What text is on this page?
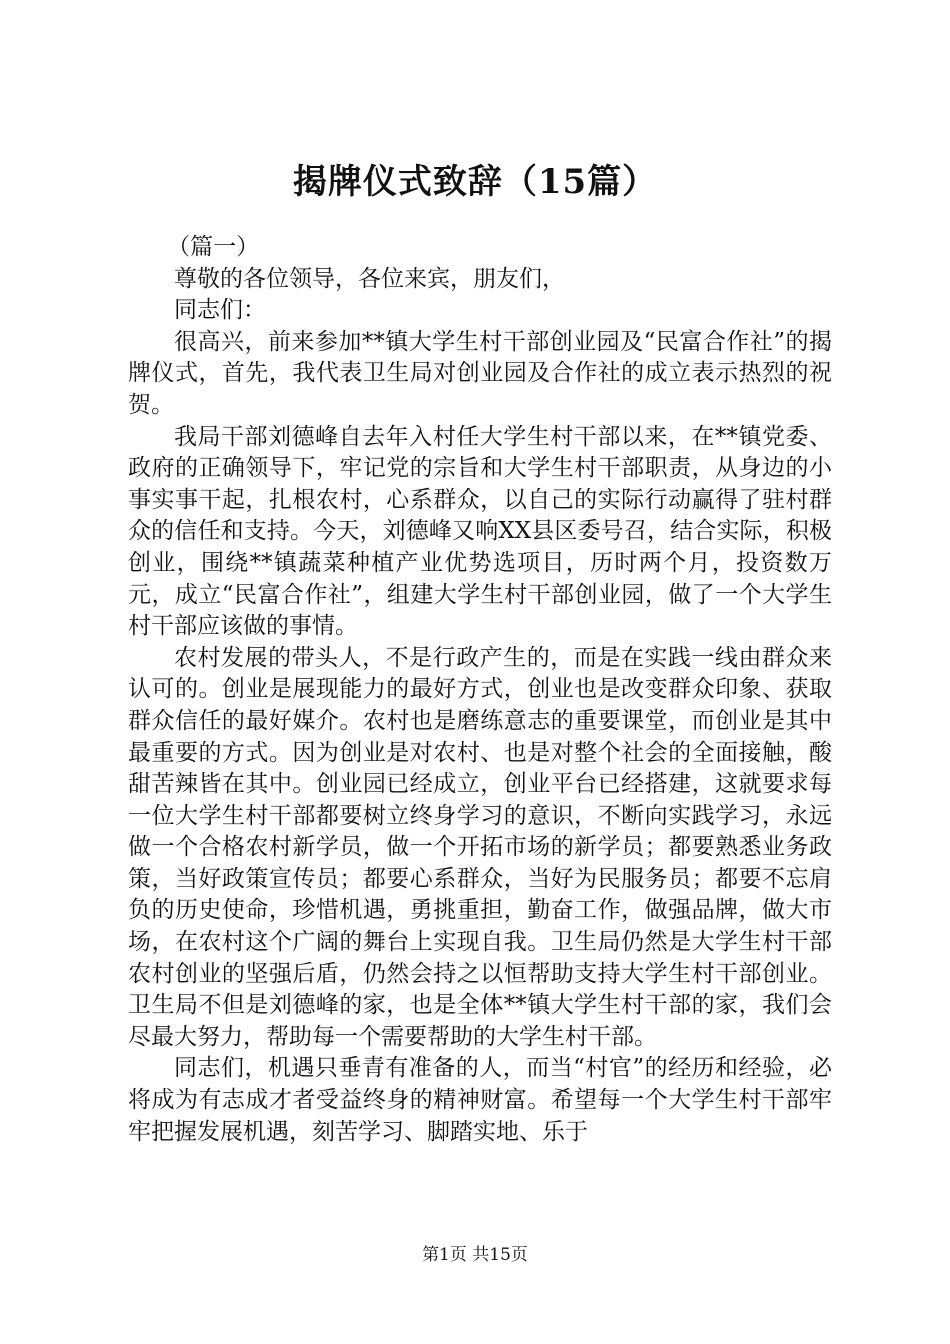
揭牌仪式致辞（15篇）

（篇一）

尊敬的各位领导，各位来宾，朋友们，

同志们：

很高兴，前来参加**镇大学生村干部创业园及“民富合作社”的揭牌仪式，首先，我代表卫生局对创业园及合作社的成立表示热烈的祝贺。

我局干部刘德峰自去年入村任大学生村干部以来，在**镇党委、政府的正确领导下，牢记党的宗旨和大学生村干部职责，从身边的小事实事干起，扎根农村，心系群众，以自己的实际行动赢得了驻村群众的信任和支持。今天，刘德峰又响XX县区委号召，结合实际，积极创业，围绕**镇蔬菜种植产业优势选项目，历时两个月，投资数万元，成立“民富合作社”，组建大学生村干部创业园，做了一个大学生村干部应该做的事情。

农村发展的带头人，不是行政产生的，而是在实践一线由群众来认可的。创业是展现能力的最好方式，创业也是改变群众印象、获取群众信任的最好媒介。农村也是磨练意志的重要课堂，而创业是其中最重要的方式。因为创业是对农村、也是对整个社会的全面接触，酸甜苦辣皆在其中。创业园已经成立，创业平台已经搭建，这就要求每一位大学生村干部都要树立终身学习的意识，不断向实践学习，永远做一个合格农村新学员，做一个开拓市场的新学员；都要熟悉业务政策，当好政策宣传员；都要心系群众，当好为民服务员；都要不忘肩负的历史使命，珍惜机遇，勇挑重担，勤奋工作，做强品牌，做大市场，在农村这个广阔的舞台上实现自我。卫生局仍然是大学生村干部农村创业的坚强后盾，仍然会持之以恒帮助支持大学生村干部创业。卫生局不但是刘德峰的家，也是全体**镇大学生村干部的家，我们会尽最大努力，帮助每一个需要帮助的大学生村干部。

同志们，机遇只垂青有准备的人，而当“村官”的经历和经验，必将成为有志成才者受益终身的精神财富。希望每一个大学生村干部牢牢把握发展机遇，刻苦学习、脚踏实地、乐于

第1页 共15页
